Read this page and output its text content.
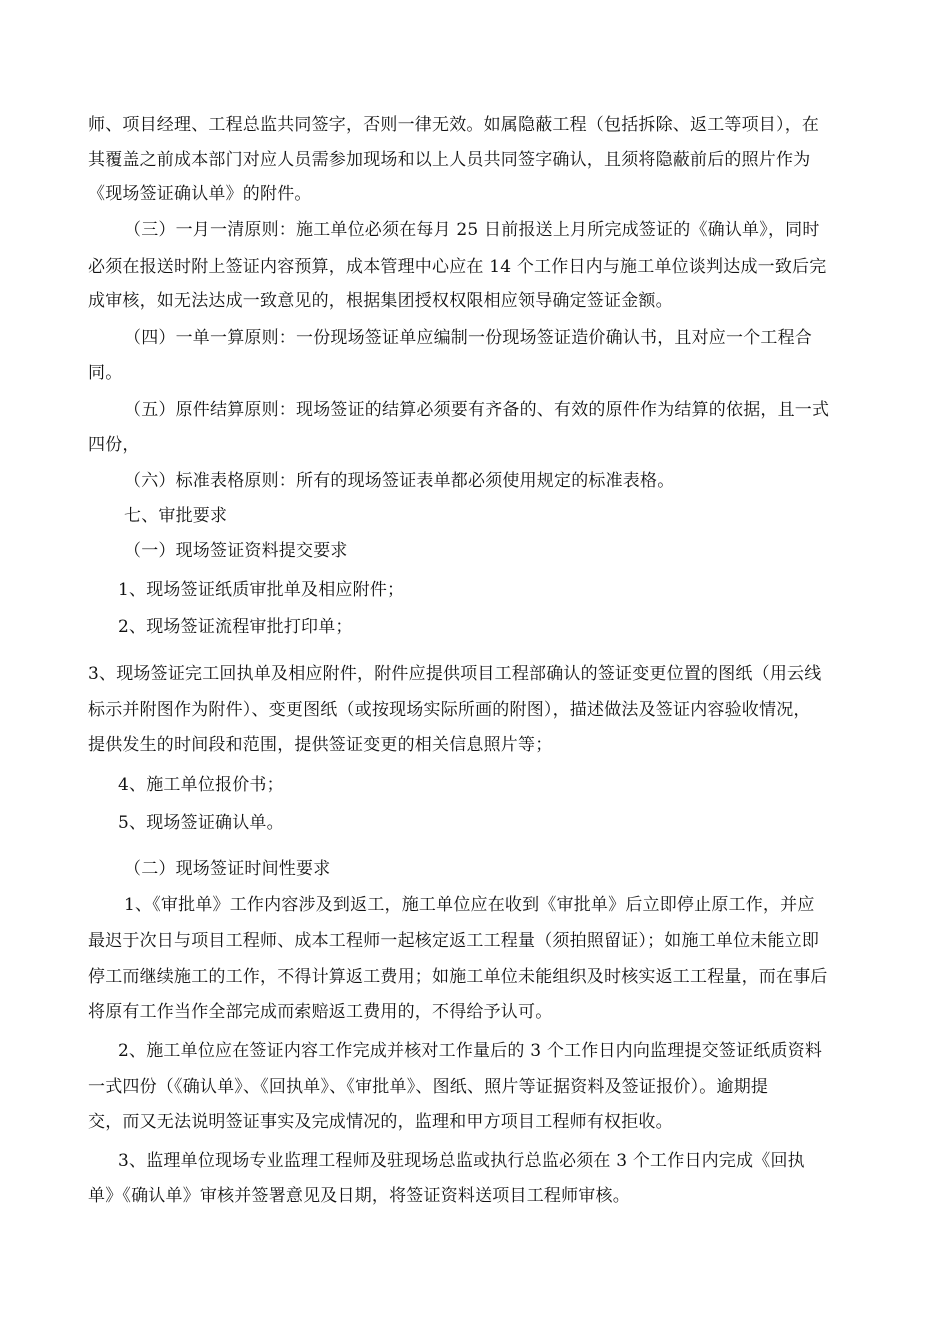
师、项目经理、工程总监共同签字，否则一律无效。如属隐蔽工程（包括拆除、返工等项目），在
其覆盖之前成本部门对应人员需参加现场和以上人员共同签字确认，且须将隐蔽前后的照片作为
《现场签证确认单》的附件。
（三）一月一清原则：施工单位必须在每月 25 日前报送上月所完成签证的《确认单》，同时
必须在报送时附上签证内容预算，成本管理中心应在 14 个工作日内与施工单位谈判达成一致后完
成审核，如无法达成一致意见的，根据集团授权权限相应领导确定签证金额。
（四）一单一算原则：一份现场签证单应编制一份现场签证造价确认书，且对应一个工程合
同。
（五）原件结算原则：现场签证的结算必须要有齐备的、有效的原件作为结算的依据，且一式
四份，
（六）标准表格原则：所有的现场签证表单都必须使用规定的标准表格。
七、审批要求
（一）现场签证资料提交要求
1、现场签证纸质审批单及相应附件；
2、现场签证流程审批打印单；
3、现场签证完工回执单及相应附件，附件应提供项目工程部确认的签证变更位置的图纸（用云线
标示并附图作为附件）、变更图纸（或按现场实际所画的附图），描述做法及签证内容验收情况，
提供发生的时间段和范围，提供签证变更的相关信息照片等；
4、施工单位报价书；
5、现场签证确认单。
（二）现场签证时间性要求
1、《审批单》工作内容涉及到返工，施工单位应在收到《审批单》后立即停止原工作，并应
最迟于次日与项目工程师、成本工程师一起核定返工工程量（须拍照留证）；如施工单位未能立即
停工而继续施工的工作，不得计算返工费用；如施工单位未能组织及时核实返工工程量，而在事后
将原有工作当作全部完成而索赔返工费用的，不得给予认可。
2、施工单位应在签证内容工作完成并核对工作量后的 3 个工作日内向监理提交签证纸质资料
一式四份（《确认单》、《回执单》、《审批单》、图纸、照片等证据资料及签证报价）。逾期提
交，而又无法说明签证事实及完成情况的，监理和甲方项目工程师有权拒收。
3、监理单位现场专业监理工程师及驻现场总监或执行总监必须在 3 个工作日内完成《回执
单》《确认单》审核并签署意见及日期，将签证资料送项目工程师审核。
